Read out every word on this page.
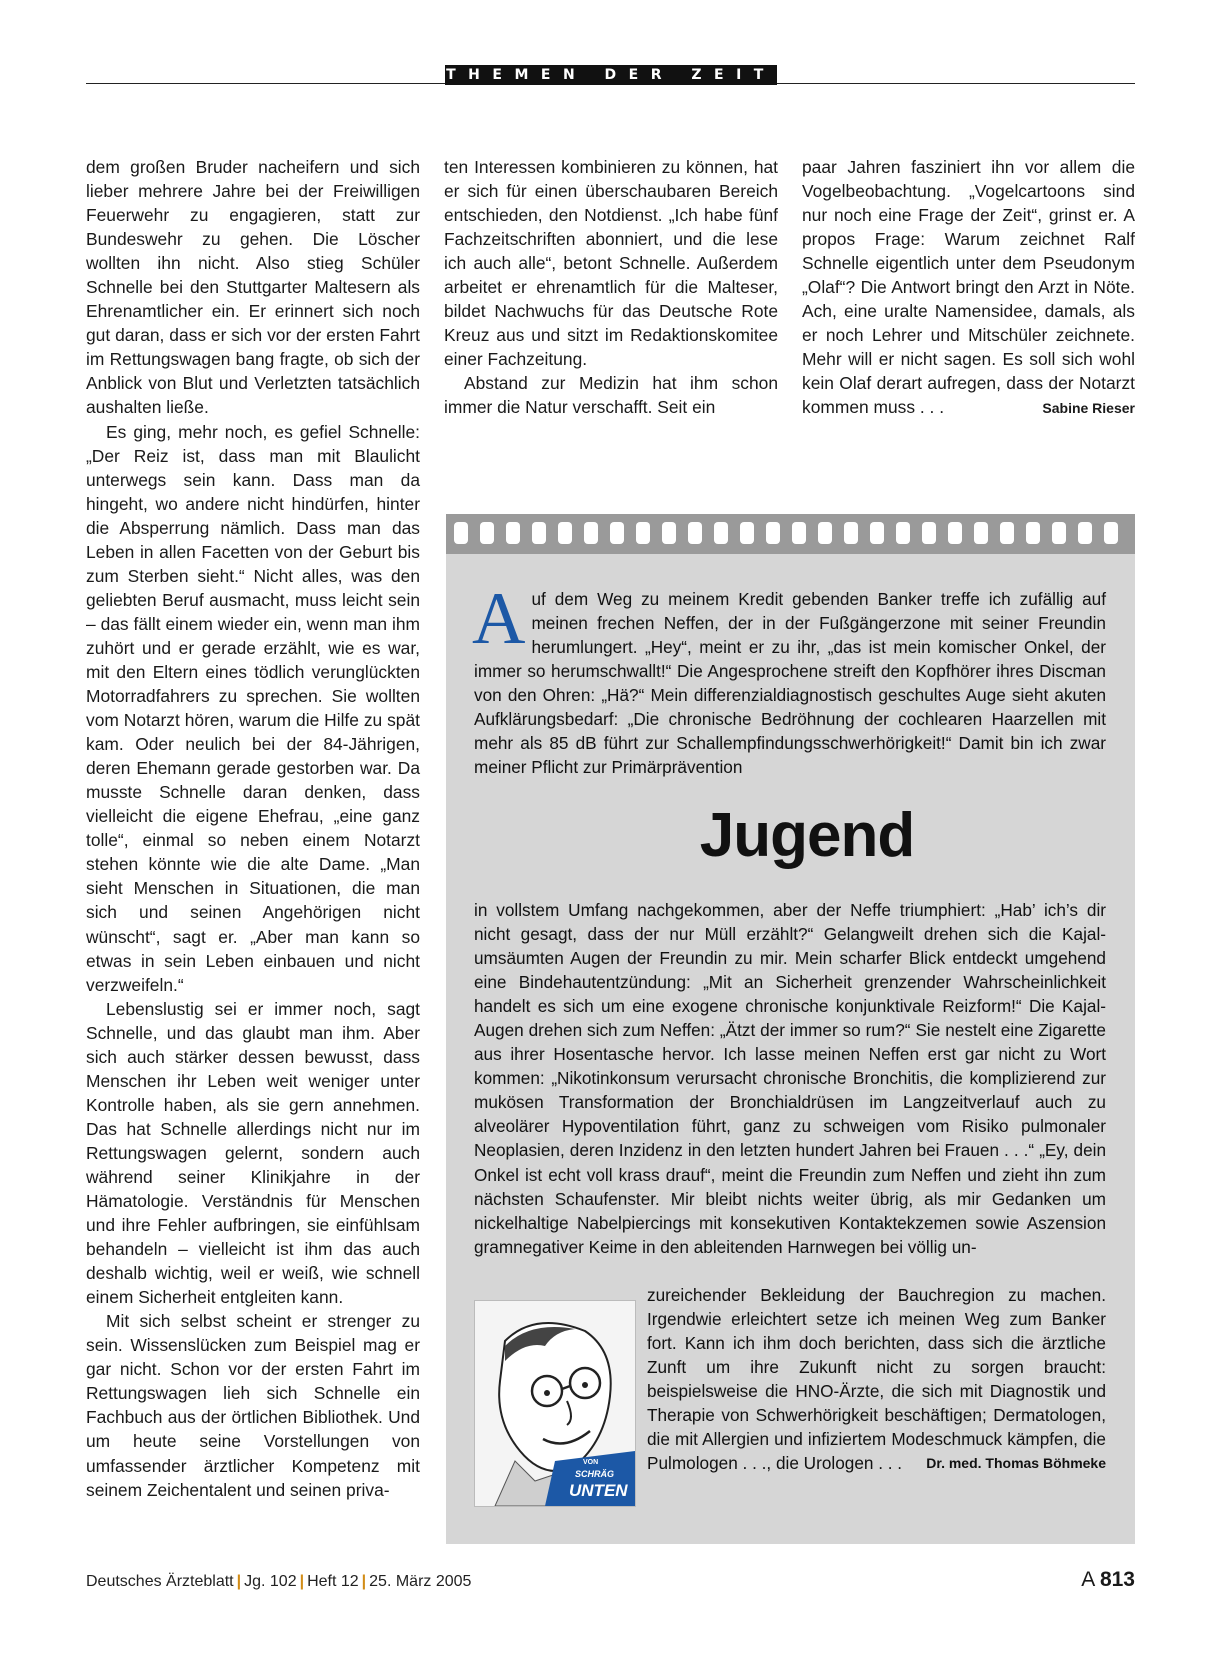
THEMEN DER ZEIT

dem großen Bruder nacheifern und sich lieber mehrere Jahre bei der Freiwilligen Feuerwehr zu engagieren, statt zur Bundeswehr zu gehen. Die Löscher wollten ihn nicht. Also stieg Schüler Schnelle bei den Stuttgarter Maltesern als Ehrenamtlicher ein. Er erinnert sich noch gut daran, dass er sich vor der ersten Fahrt im Rettungswagen bang fragte, ob sich der Anblick von Blut und Verletzten tatsächlich aushalten ließe.

Es ging, mehr noch, es gefiel Schnelle: „Der Reiz ist, dass man mit Blaulicht unterwegs sein kann. Dass man da hingeht, wo andere nicht hindürfen, hinter die Absperrung nämlich. Dass man das Leben in allen Facetten von der Geburt bis zum Sterben sieht.“ Nicht alles, was den geliebten Beruf ausmacht, muss leicht sein – das fällt einem wieder ein, wenn man ihm zuhört und er gerade erzählt, wie es war, mit den Eltern eines tödlich verunglückten Motorradfahrers zu sprechen. Sie wollten vom Notarzt hören, warum die Hilfe zu spät kam. Oder neulich bei der 84-Jährigen, deren Ehemann gerade gestorben war. Da musste Schnelle daran denken, dass vielleicht die eigene Ehefrau, „eine ganz tolle“, einmal so neben einem Notarzt stehen könnte wie die alte Dame. „Man sieht Menschen in Situationen, die man sich und seinen Angehörigen nicht wünscht“, sagt er. „Aber man kann so etwas in sein Leben einbauen und nicht verzweifeln.“

Lebenslustig sei er immer noch, sagt Schnelle, und das glaubt man ihm. Aber sich auch stärker dessen bewusst, dass Menschen ihr Leben weit weniger unter Kontrolle haben, als sie gern annehmen. Das hat Schnelle allerdings nicht nur im Rettungswagen gelernt, sondern auch während seiner Klinikjahre in der Hämatologie. Verständnis für Menschen und ihre Fehler aufbringen, sie einfühlsam behandeln – vielleicht ist ihm das auch deshalb wichtig, weil er weiß, wie schnell einem Sicherheit entgleiten kann.

Mit sich selbst scheint er strenger zu sein. Wissenslücken zum Beispiel mag er gar nicht. Schon vor der ersten Fahrt im Rettungswagen lieh sich Schnelle ein Fachbuch aus der örtlichen Bibliothek. Und um heute seine Vorstellungen von umfassender ärztlicher Kompetenz mit seinem Zeichentalent und seinen priva-

ten Interessen kombinieren zu können, hat er sich für einen überschaubaren Bereich entschieden, den Notdienst. „Ich habe fünf Fachzeitschriften abonniert, und die lese ich auch alle“, betont Schnelle. Außerdem arbeitet er ehrenamtlich für die Malteser, bildet Nachwuchs für das Deutsche Rote Kreuz aus und sitzt im Redaktionskomitee einer Fachzeitung.

Abstand zur Medizin hat ihm schon immer die Natur verschafft. Seit ein

paar Jahren fasziniert ihn vor allem die Vogelbeobachtung. „Vogelcartoons sind nur noch eine Frage der Zeit“, grinst er. A propos Frage: Warum zeichnet Ralf Schnelle eigentlich unter dem Pseudonym „Olaf“? Die Antwort bringt den Arzt in Nöte. Ach, eine uralte Namensidee, damals, als er noch Lehrer und Mitschüler zeichnete. Mehr will er nicht sagen. Es soll sich wohl kein Olaf derart aufregen, dass der Notarzt kommen muss . . .	Sabine Rieser
A uf dem Weg zu meinem Kredit gebenden Banker treffe ich zufällig auf meinen frechen Neffen, der in der Fußgängerzone mit seiner Freundin herumlungert. „Hey“, meint er zu ihr, „das ist mein komischer Onkel, der immer so herumschwallt!“ Die Angesprochene streift den Kopfhörer ihres Discman von den Ohren: „Hä?“ Mein differenzialdiagnostisch geschultes Auge sieht akuten Aufklärungsbedarf: „Die chronische Bedröhnung der cochlearen Haarzellen mit mehr als 85 dB führt zur Schallempfindungsschwerhörigkeit!“ Damit bin ich zwar meiner Pflicht zur Primärprävention

Jugend

in vollstem Umfang nachgekommen, aber der Neffe triumphiert: „Hab’ ich’s dir nicht gesagt, dass der nur Müll erzählt?“ Gelangweilt drehen sich die Kajal-umsäumten Augen der Freundin zu mir. Mein scharfer Blick entdeckt umgehend eine Bindehautentzündung: „Mit an Sicherheit grenzender Wahrscheinlichkeit handelt es sich um eine exogene chronische konjunktivale Reizform!“ Die Kajal-Augen drehen sich zum Neffen: „Ätzt der immer so rum?“ Sie nestelt eine Zigarette aus ihrer Hosentasche hervor. Ich lasse meinen Neffen erst gar nicht zu Wort kommen: „Nikotinkonsum verursacht chronische Bronchitis, die komplizierend zur mukösen Transformation der Bronchialdrüsen im Langzeitverlauf auch zu alveolärer Hypoventilation führt, ganz zu schweigen vom Risiko pulmonaler Neoplasien, deren Inzidenz in den letzten hundert Jahren bei Frauen . . .“ „Ey, dein Onkel ist echt voll krass drauf“, meint die Freundin zum Neffen und zieht ihn zum nächsten Schaufenster. Mir bleibt nichts weiter übrig, als mir Gedanken um nickelhaltige Nabelpiercings mit konsekutiven Kontaktekzemen sowie Aszension gramnegativer Keime in den ableitenden Harnwegen bei völlig un-

zureichender Bekleidung der Bauchregion zu machen. Irgendwie erleichtert setze ich meinen Weg zum Banker fort. Kann ich ihm doch berichten, dass sich die ärztliche Zunft um ihre Zukunft nicht zu sorgen braucht: beispielsweise die HNO-Ärzte, die sich mit Diagnostik und Therapie von Schwerhörigkeit beschäftigen; Dermatologen, die mit Allergien und infiziertem Modeschmuck kämpfen, die Pulmologen . . ., die Urologen . . . Dr. med. Thomas Böhmeke

VON
SCHRÄG
UNTEN
Deutsches Ärzteblatt | Jg. 102 | Heft 12 | 25. März 2005	A 813
